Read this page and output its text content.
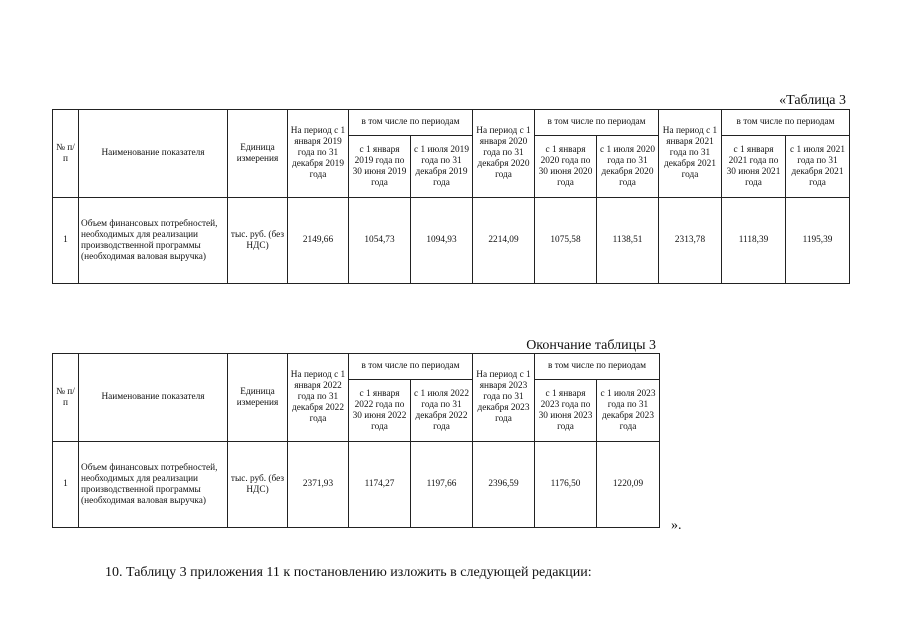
«Таблица 3
№ п/п	Наименование показателя	Единица измерения	На период с 1 января 2019 года по 31 декабря 2019 года	в том числе по периодам		На период с 1 января 2020 года по 31 декабря 2020 года	в том числе по периодам		На период с 1 января 2021 года по 31 декабря 2021 года	в том числе по периодам	
				с 1 января 2019 года по 30 июня 2019 года	с 1 июля 2019 года по 31 декабря 2019 года		с 1 января 2020 года по 30 июня 2020 года	с 1 июля 2020 года по 31 декабря 2020 года		с 1 января 2021 года по 30 июня 2021 года	с 1 июля 2021 года по 31 декабря 2021 года
1	Объем финансовых потребностей, необходимых для реализации производственной программы (необходимая валовая выручка)	тыс. руб. (без НДС)	2149,66	1054,73	1094,93	2214,09	1075,58	1138,51	2313,78	1118,39	1195,39
Окончание таблицы 3
№ п/п	Наименование показателя	Единица измерения	На период с 1 января 2022 года по 31 декабря 2022 года	в том числе по периодам		На период с 1 января 2023 года по 31 декабря 2023 года	в том числе по периодам	
				с 1 января 2022 года по 30 июня 2022 года	с 1 июля 2022 года по 31 декабря 2022 года		с 1 января 2023 года по 30 июня 2023 года	с 1 июля 2023 года по 31 декабря 2023 года
1	Объем финансовых потребностей, необходимых для реализации производственной программы (необходимая валовая выручка)	тыс. руб. (без НДС)	2371,93	1174,27	1197,66	2396,59	1176,50	1220,09
».
10. Таблицу 3 приложения 11 к постановлению изложить в следующей редакции:
